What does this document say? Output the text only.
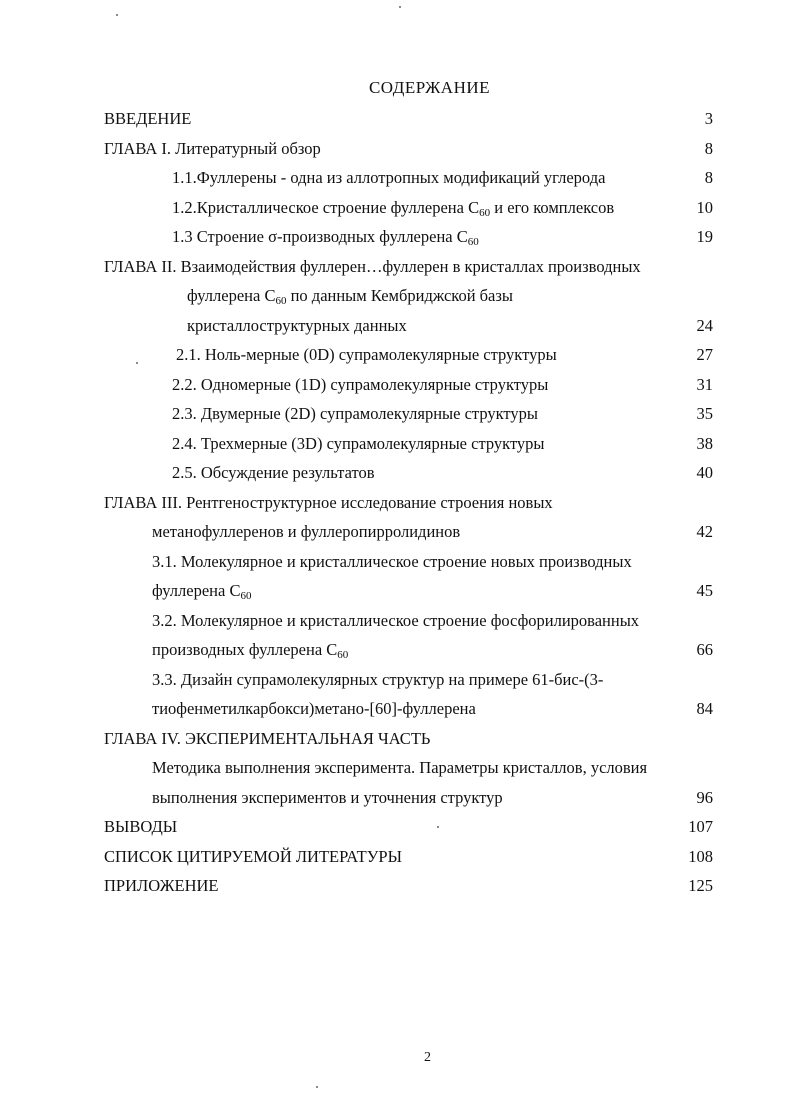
СОДЕРЖАНИЕ
ВВЕДЕНИЕ	3
ГЛАВА I. Литературный обзор	8
1.1.Фуллерены - одна из аллотропных модификаций углерода	8
1.2.Кристаллическое строение фуллерена $С_{60}$ и его комплексов	10
1.3 Строение σ-производных фуллерена $С_{60}$	19
ГЛАВА II. Взаимодействия фуллерен…фуллерен в кристаллах производных
фуллерена $С_{60}$ по данным Кембриджской базы
кристаллоструктурных данных	24
2.1. Ноль-мерные (0D) супрамолекулярные структуры	27
2.2. Одномерные (1D) супрамолекулярные структуры	31
2.3. Двумерные (2D) супрамолекулярные структуры	35
2.4. Трехмерные (3D) супрамолекулярные структуры	38
2.5. Обсуждение результатов	40
ГЛАВА III. Рентгеноструктурное исследование строения новых
метанофуллеренов и фуллеропирролидинов	42
3.1. Молекулярное и кристаллическое строение новых производных
фуллерена $С_{60}$	45
3.2. Молекулярное и кристаллическое строение фосфорилированных
производных фуллерена $С_{60}$	66
3.3. Дизайн супрамолекулярных структур на примере 61-бис-(3-
тиофенметилкарбокси)метано-[60]-фуллерена	84
ГЛАВА IV. ЭКСПЕРИМЕНТАЛЬНАЯ ЧАСТЬ
Методика выполнения эксперимента. Параметры кристаллов, условия
выполнения экспериментов и уточнения структур	96
ВЫВОДЫ	107
СПИСОК ЦИТИРУЕМОЙ ЛИТЕРАТУРЫ	108
ПРИЛОЖЕНИЕ	125
2
